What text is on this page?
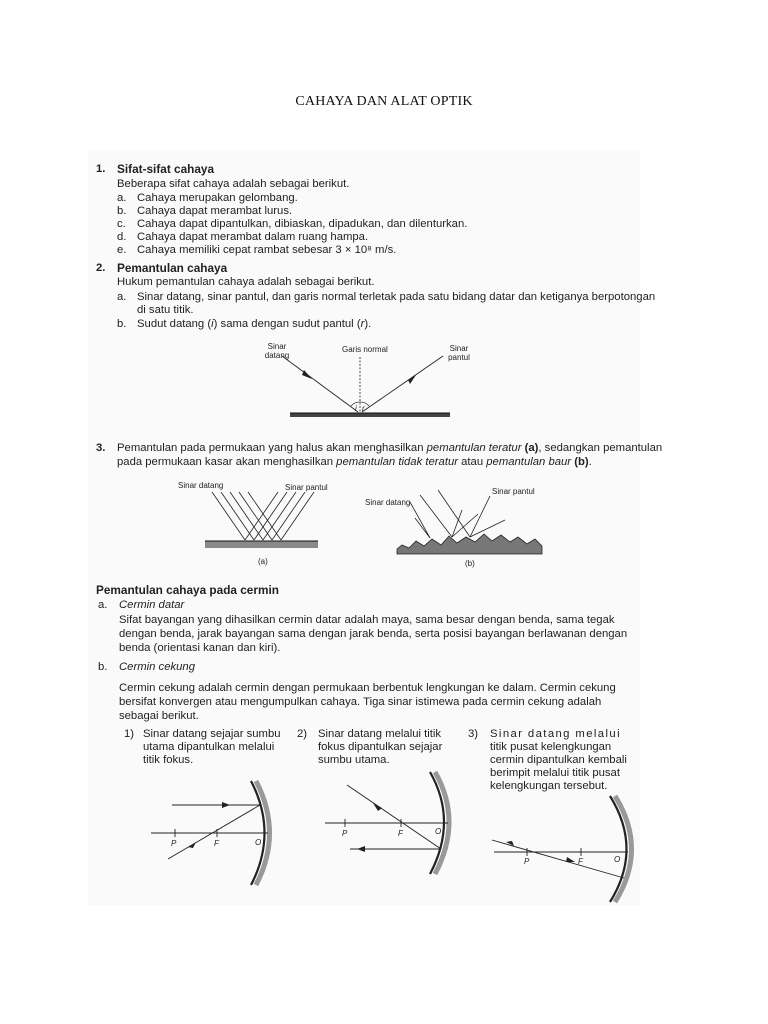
CAHAYA DAN ALAT OPTIK
1. Sifat-sifat cahaya
Beberapa sifat cahaya adalah sebagai berikut.
a. Cahaya merupakan gelombang.
b. Cahaya dapat merambat lurus.
c. Cahaya dapat dipantulkan, dibiaskan, dipadukan, dan dilenturkan.
d. Cahaya dapat merambat dalam ruang hampa.
e. Cahaya memiliki cepat rambat sebesar 3 × 10⁸ m/s.
2. Pemantulan cahaya
Hukum pemantulan cahaya adalah sebagai berikut.
a. Sinar datang, sinar pantul, dan garis normal terletak pada satu bidang datar dan ketiganya berpotongan
di satu titik.
b. Sudut datang (i) sama dengan sudut pantul (r).
Sinar datang
Garis normal	Sinar pantul
i r
3. Pemantulan pada permukaan yang halus akan menghasilkan pemantulan teratur (a), sedangkan pemantulan
pada permukaan kasar akan menghasilkan pemantulan tidak teratur atau pemantulan baur (b).
Sinar datang	Sinar pantul
(a)
Sinar datang
Sinar pantul
(b)
Pemantulan cahaya pada cermin
a. Cermin datar
Sifat bayangan yang dihasilkan cermin datar adalah maya, sama besar dengan benda, sama tegak
dengan benda, jarak bayangan sama dengan jarak benda, serta posisi bayangan berlawanan dengan
benda (orientasi kanan dan kiri).
b. Cermin cekung
Cermin cekung adalah cermin dengan permukaan berbentuk lengkungan ke dalam. Cermin cekung
bersifat konvergen atau mengumpulkan cahaya. Tiga sinar istimewa pada cermin cekung adalah
sebagai berikut.
1) Sinar datang sejajar sumbu
utama dipantulkan melalui
titik fokus.
2) Sinar datang melalui titik
fokus dipantulkan sejajar
sumbu utama.
3) Sinar datang melalui
titik pusat kelengkungan
cermin dipantulkan kembali
berimpit melalui titik pusat
kelengkungan tersebut.
P	F	O
P	F	O
P	F	O
